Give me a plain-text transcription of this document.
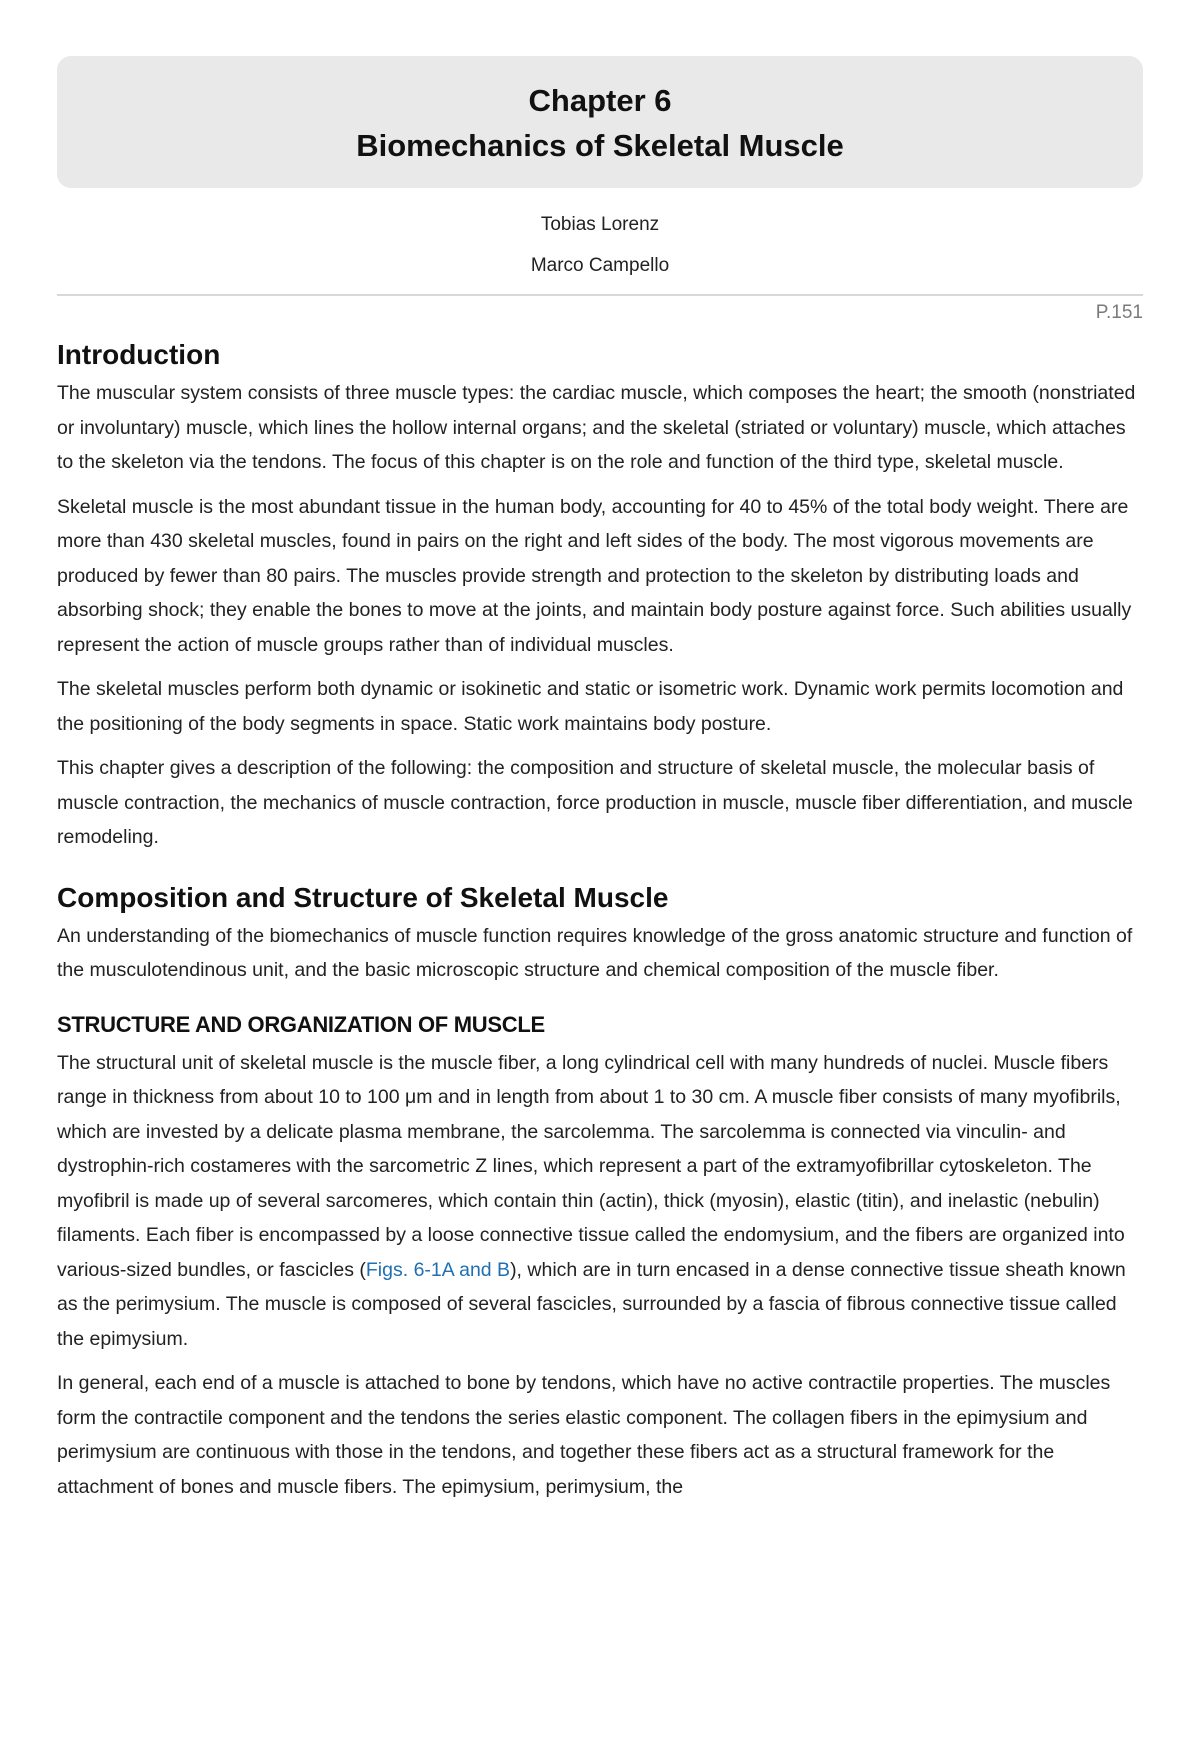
Chapter 6
Biomechanics of Skeletal Muscle
Tobias Lorenz
Marco Campello
P.151
Introduction

The muscular system consists of three muscle types: the cardiac muscle, which composes the heart; the smooth (nonstriated or involuntary) muscle, which lines the hollow internal organs; and the skeletal (striated or voluntary) muscle, which attaches to the skeleton via the tendons. The focus of this chapter is on the role and function of the third type, skeletal muscle.

Skeletal muscle is the most abundant tissue in the human body, accounting for 40 to 45% of the total body weight. There are more than 430 skeletal muscles, found in pairs on the right and left sides of the body. The most vigorous movements are produced by fewer than 80 pairs. The muscles provide strength and protection to the skeleton by distributing loads and absorbing shock; they enable the bones to move at the joints, and maintain body posture against force. Such abilities usually represent the action of muscle groups rather than of individual muscles.

The skeletal muscles perform both dynamic or isokinetic and static or isometric work. Dynamic work permits locomotion and the positioning of the body segments in space. Static work maintains body posture.

This chapter gives a description of the following: the composition and structure of skeletal muscle, the molecular basis of muscle contraction, the mechanics of muscle contraction, force production in muscle, muscle fiber differentiation, and muscle remodeling.

Composition and Structure of Skeletal Muscle

An understanding of the biomechanics of muscle function requires knowledge of the gross anatomic structure and function of the musculotendinous unit, and the basic microscopic structure and chemical composition of the muscle fiber.

STRUCTURE AND ORGANIZATION OF MUSCLE

The structural unit of skeletal muscle is the muscle fiber, a long cylindrical cell with many hundreds of nuclei. Muscle fibers range in thickness from about 10 to 100 μm and in length from about 1 to 30 cm. A muscle fiber consists of many myofibrils, which are invested by a delicate plasma membrane, the sarcolemma. The sarcolemma is connected via vinculin- and dystrophin-rich costameres with the sarcometric Z lines, which represent a part of the extramyofibrillar cytoskeleton. The myofibril is made up of several sarcomeres, which contain thin (actin), thick (myosin), elastic (titin), and inelastic (nebulin) filaments. Each fiber is encompassed by a loose connective tissue called the endomysium, and the fibers are organized into various-sized bundles, or fascicles (Figs. 6-1A and B), which are in turn encased in a dense connective tissue sheath known as the perimysium. The muscle is composed of several fascicles, surrounded by a fascia of fibrous connective tissue called the epimysium.

In general, each end of a muscle is attached to bone by tendons, which have no active contractile properties. The muscles form the contractile component and the tendons the series elastic component. The collagen fibers in the epimysium and perimysium are continuous with those in the tendons, and together these fibers act as a structural framework for the attachment of bones and muscle fibers. The epimysium, perimysium, the
